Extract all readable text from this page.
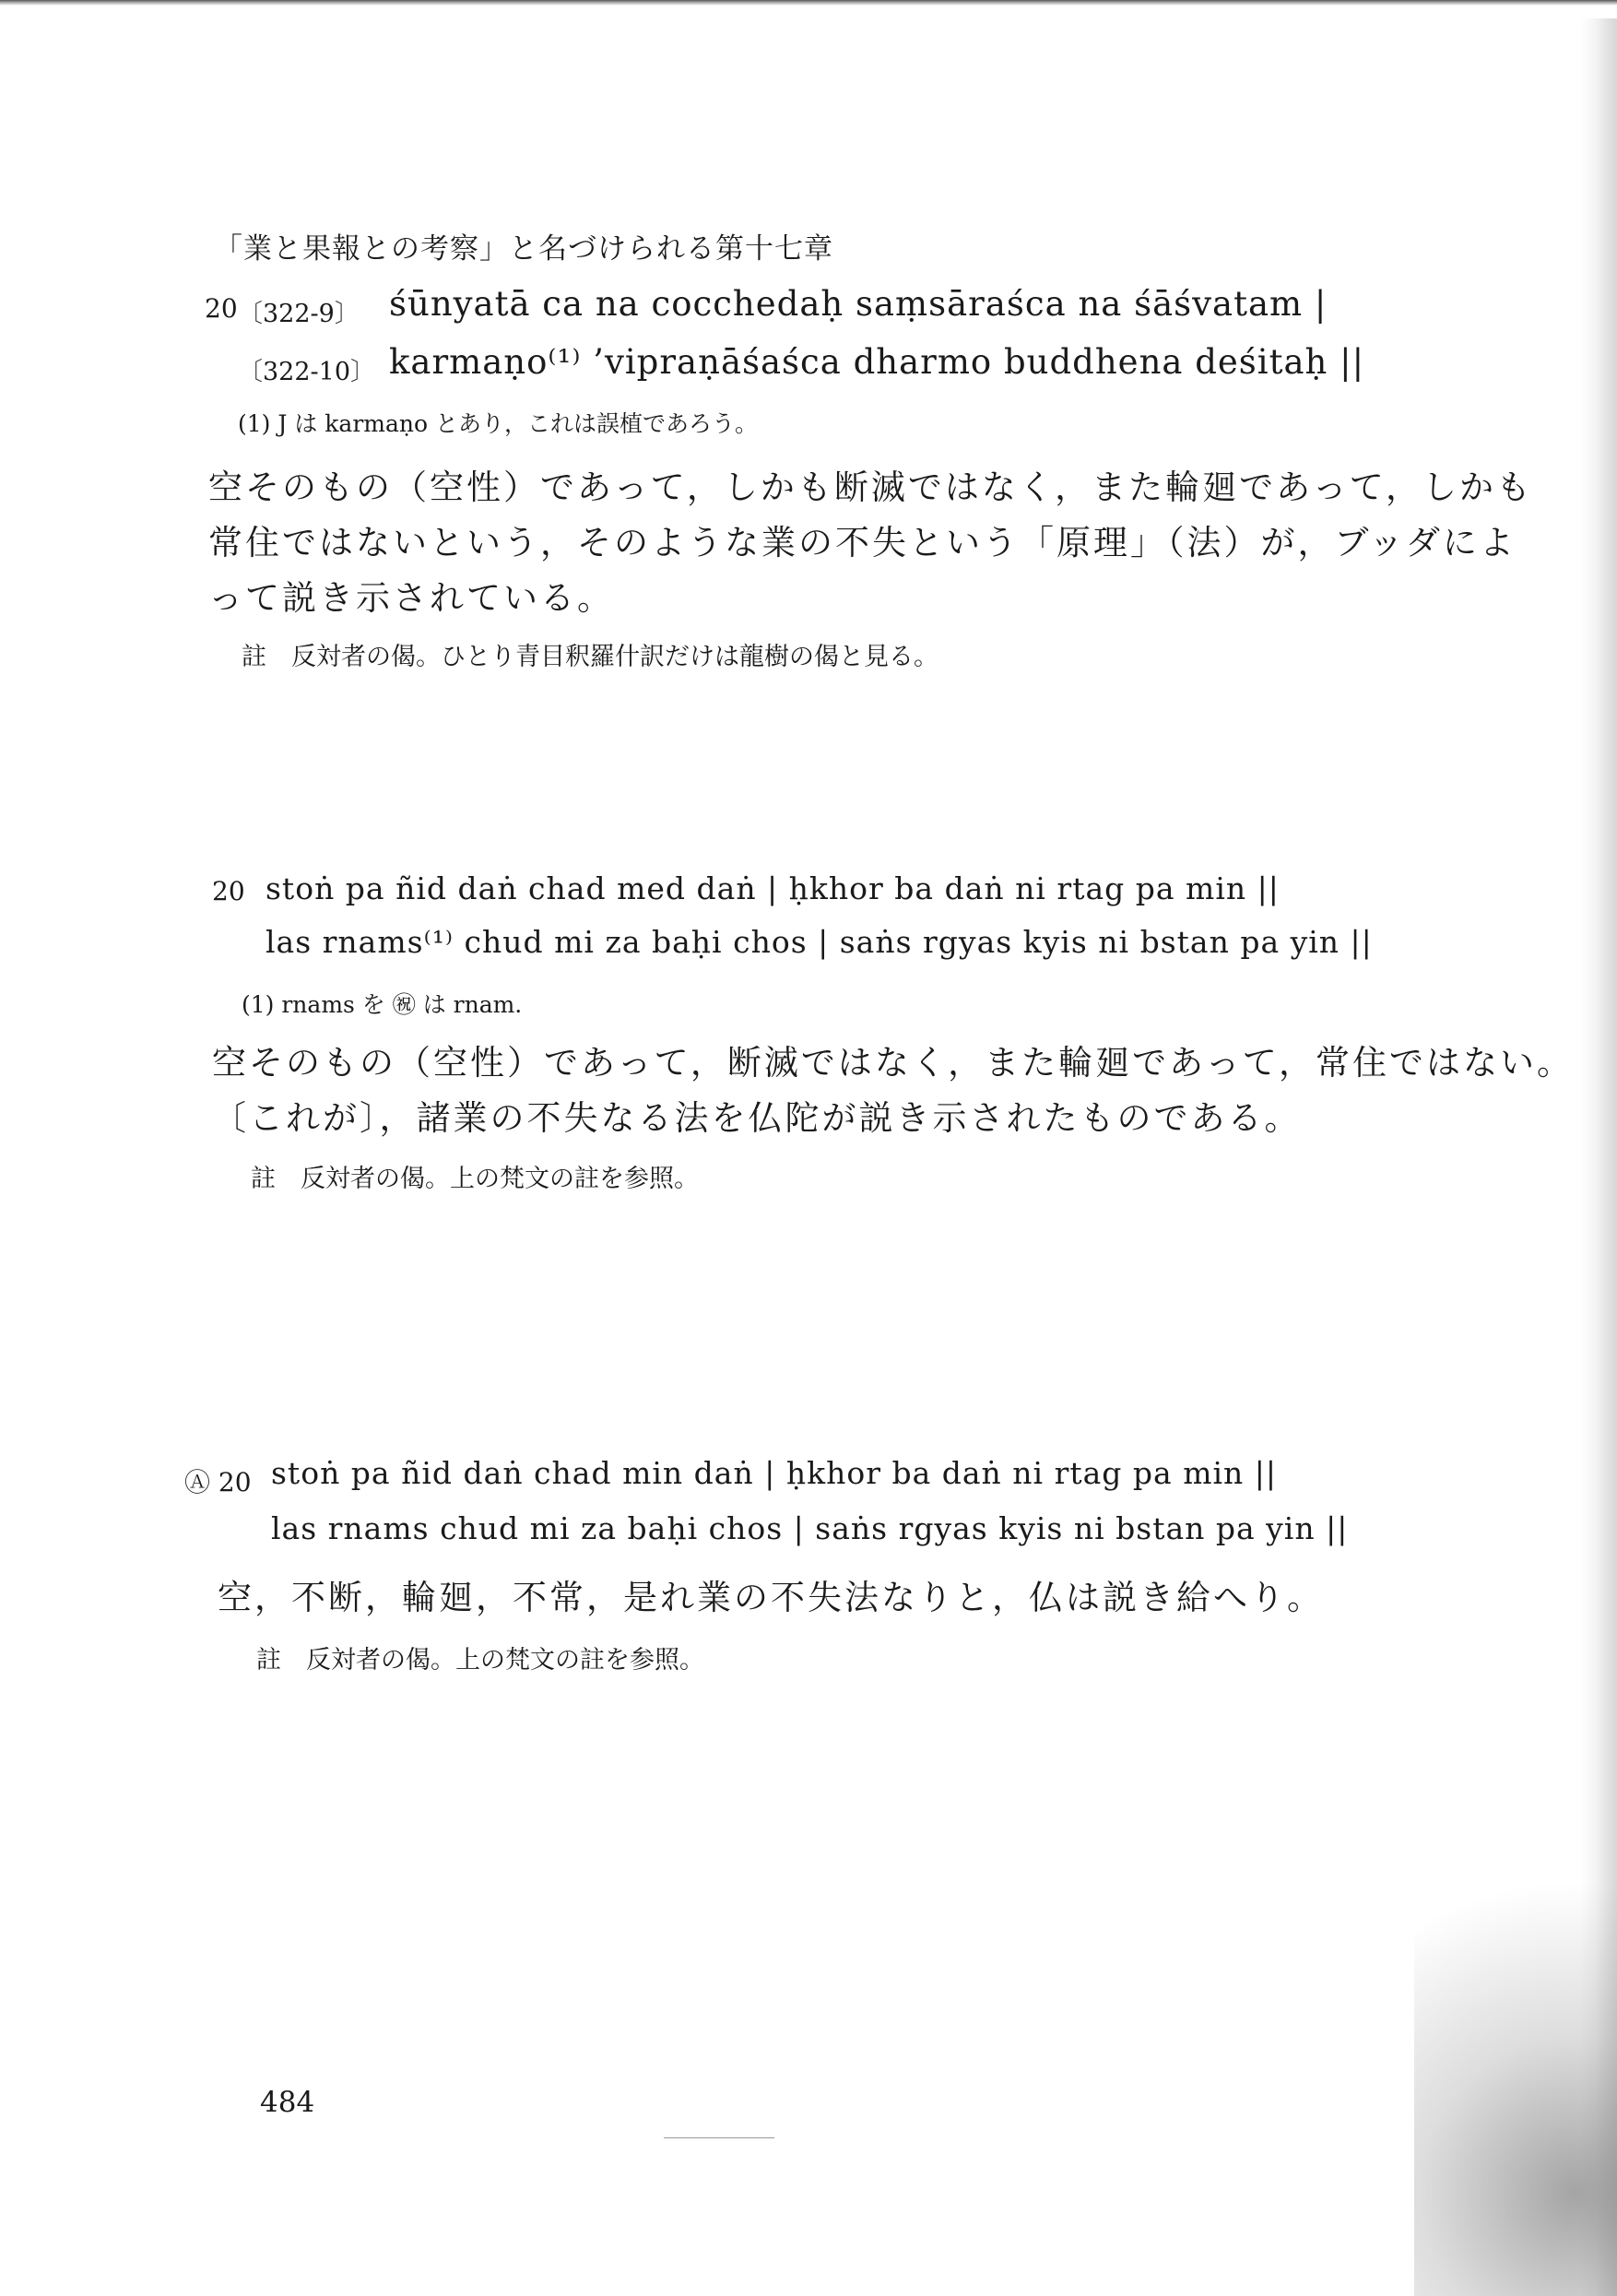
「業と果報との考察」と名づけられる第十七章
20 〔322-9〕 śūnyatā ca na cocchedaḥ saṃsāraśca na śāśvatam |
〔322-10〕 karmaṇo⁽¹⁾ ’vipraṇāśaśca dharmo buddhena deśitaḥ ||
(1) J は karmaṇo とあり，これは誤植であろう。
空そのもの（空性）であって，しかも断滅ではなく，また輪廻であって，しかも
常住ではないという，そのような業の不失という「原理」（法）が，ブッダによ
って説き示されている。
註　反対者の偈。ひとり青目釈羅什訳だけは龍樹の偈と見る。
20 stoṅ pa ñid daṅ chad med daṅ | ḥkhor ba daṅ ni rtag pa min ||
las rnams⁽¹⁾ chud mi za baḥi chos | saṅs rgyas kyis ni bstan pa yin ||
(1) rnams を ㊗ は rnam.
空そのもの（空性）であって，断滅ではなく，また輪廻であって，常住ではない。
〔これが〕，諸業の不失なる法を仏陀が説き示されたものである。
註　反対者の偈。上の梵文の註を参照。
Ⓐ 20 stoṅ pa ñid daṅ chad min daṅ | ḥkhor ba daṅ ni rtag pa min ||
las rnams chud mi za baḥi chos | saṅs rgyas kyis ni bstan pa yin ||
空，不断，輪廻，不常，是れ業の不失法なりと，仏は説き給へり。
註　反対者の偈。上の梵文の註を参照。
484
